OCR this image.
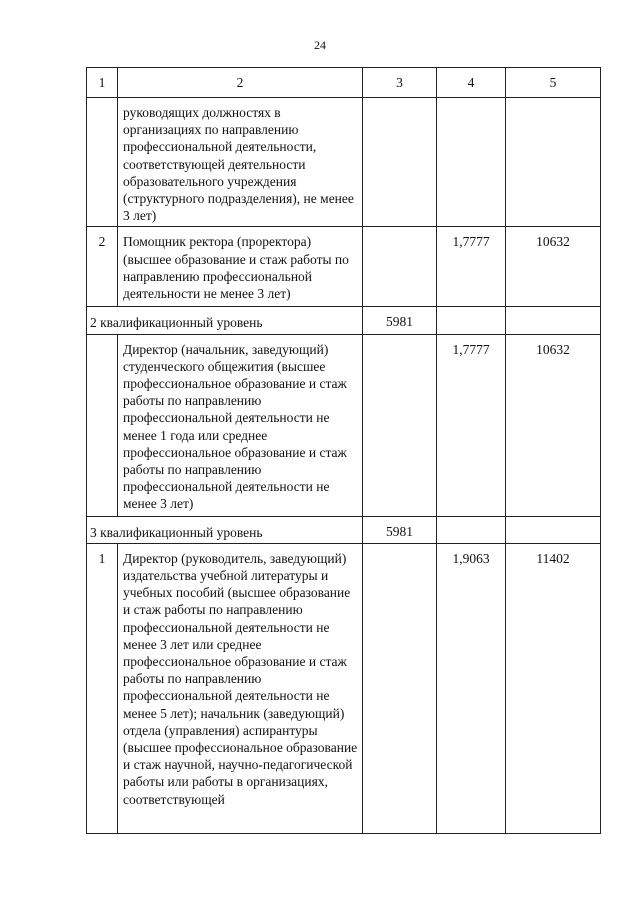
24
1	2	3	4	5

	руководящих должностях в организациях по направлению профессиональной деятельности, соответствующей деятельности образовательного учреждения (структурного подразделения), не менее 3 лет)			

2	Помощник ректора (проректора) (высшее образование и стаж работы по направлению профессиональной деятельности не менее 3 лет)		1,7777	10632

2 квалификационный уровень		5981		

	Директор (начальник, заведующий) студенческого общежития (высшее профессиональное образование и стаж работы по направлению профессиональной деятельности не менее 1 года или среднее профессиональное образование и стаж работы по направлению профессиональной деятельности не менее 3 лет)		1,7777	10632

3 квалификационный уровень		5981		

1	Директор (руководитель, заведующий) издательства учебной литературы и учебных пособий (высшее образование и стаж работы по направлению профессиональной деятельности не менее 3 лет или среднее профессиональное образование и стаж работы по направлению профессиональной деятельности не менее 5 лет); начальник (заведующий) отдела (управления) аспирантуры (высшее профессиональное образование и стаж научной, научно-педагогической работы или работы в организациях, соответствующей		1,9063	11402
